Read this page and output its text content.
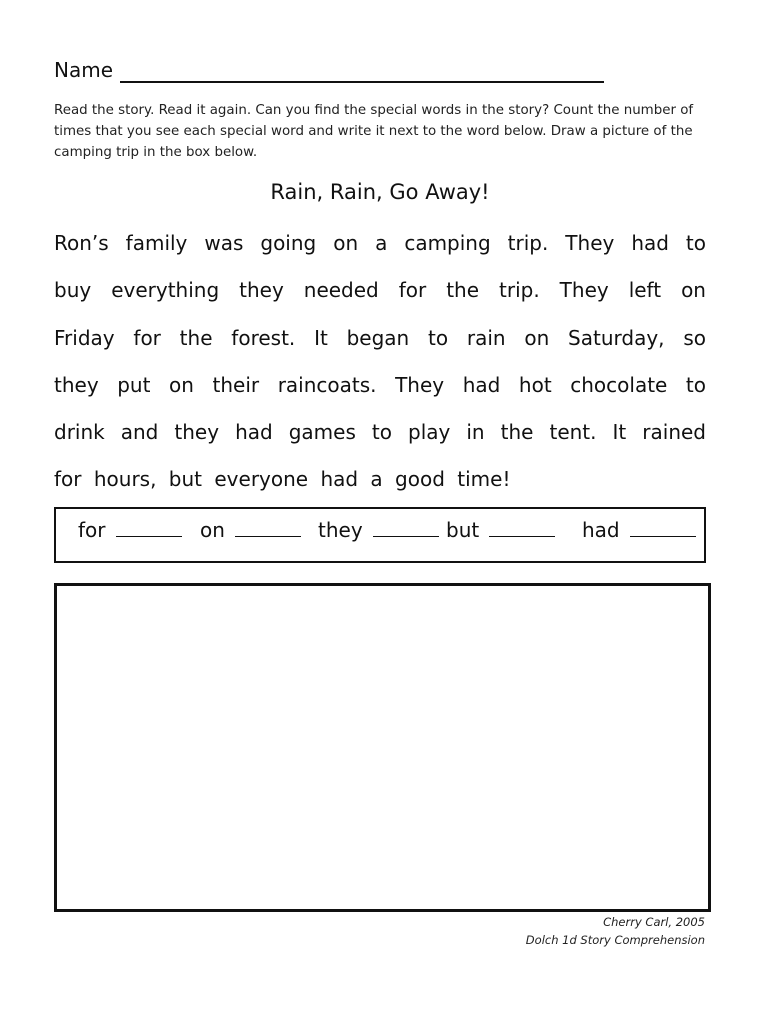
Name
Read the story. Read it again. Can you find the special words in the story? Count the number of times that you see each special word and write it next to the word below. Draw a picture of the camping trip in the box below.
Rain, Rain, Go Away!
Ron’s family was going on a camping trip. They had to
buy everything they needed for the trip. They left on
Friday for the forest. It began to rain on Saturday, so
they put on their raincoats. They had hot chocolate to
drink and they had games to play in the tent. It rained
for hours, but everyone had a good time!
for	on	they	but	had
Cherry Carl, 2005
Dolch 1d Story Comprehension
